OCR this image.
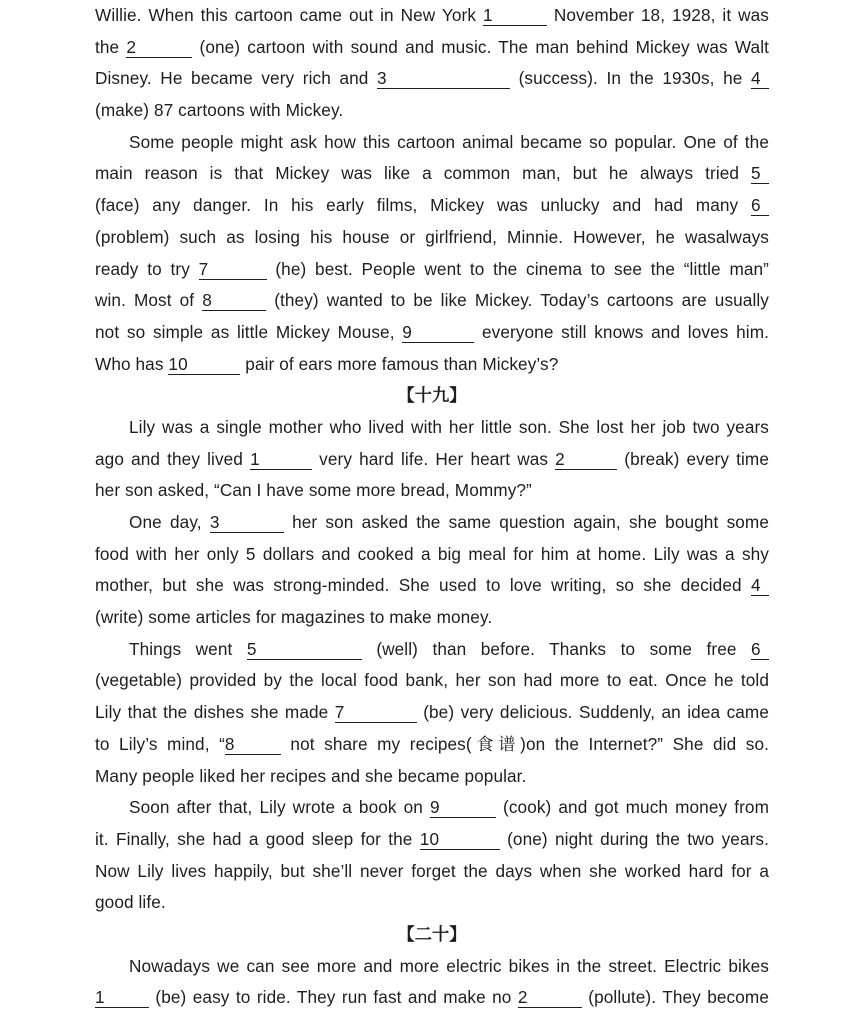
Willie. When this cartoon came out in New York 1	November 18, 1928, it was
the 2	(one) cartoon with sound and music. The man behind Mickey was Walt
Disney. He became very rich and 3	(success). In the 1930s, he 4
(make) 87 cartoons with Mickey.
Some people might ask how this cartoon animal became so popular. One of the
main reason is that Mickey was like a common man, but he always tried 5
(face) any danger. In his early films, Mickey was unlucky and had many 6
(problem) such as losing his house or girlfriend, Minnie. However, he wasalways
ready to try 7	(he) best. People went to the cinema to see the “little man”
win. Most of 8	(they) wanted to be like Mickey. Today’s cartoons are usually
not so simple as little Mickey Mouse, 9	everyone still knows and loves him.
Who has 10	pair of ears more famous than Mickey’s?
【十九】
Lily was a single mother who lived with her little son. She lost her job two years
ago and they lived 1	very hard life. Her heart was 2	(break) every time
her son asked, “Can I have some more bread, Mommy?”
One day, 3	her son asked the same question again, she bought some
food with her only 5 dollars and cooked a big meal for him at home. Lily was a shy
mother, but she was strong-minded. She used to love writing, so she decided 4
(write) some articles for magazines to make money.
Things went 5	(well) than before. Thanks to some free 6
(vegetable) provided by the local food bank, her son had more to eat. Once he told
Lily that the dishes she made 7	(be) very delicious. Suddenly, an idea came
to Lily’s mind, “8	not share my recipes(食谱)on the Internet?” She did so.
Many people liked her recipes and she became popular.
Soon after that, Lily wrote a book on 9	(cook) and got much money from
it. Finally, she had a good sleep for the 10	(one) night during the two years.
Now Lily lives happily, but she’ll never forget the days when she worked hard for a
good life.
【二十】
Nowadays we can see more and more electric bikes in the street. Electric bikes
1	(be) easy to ride. They run fast and make no 2	(pollute). They become
